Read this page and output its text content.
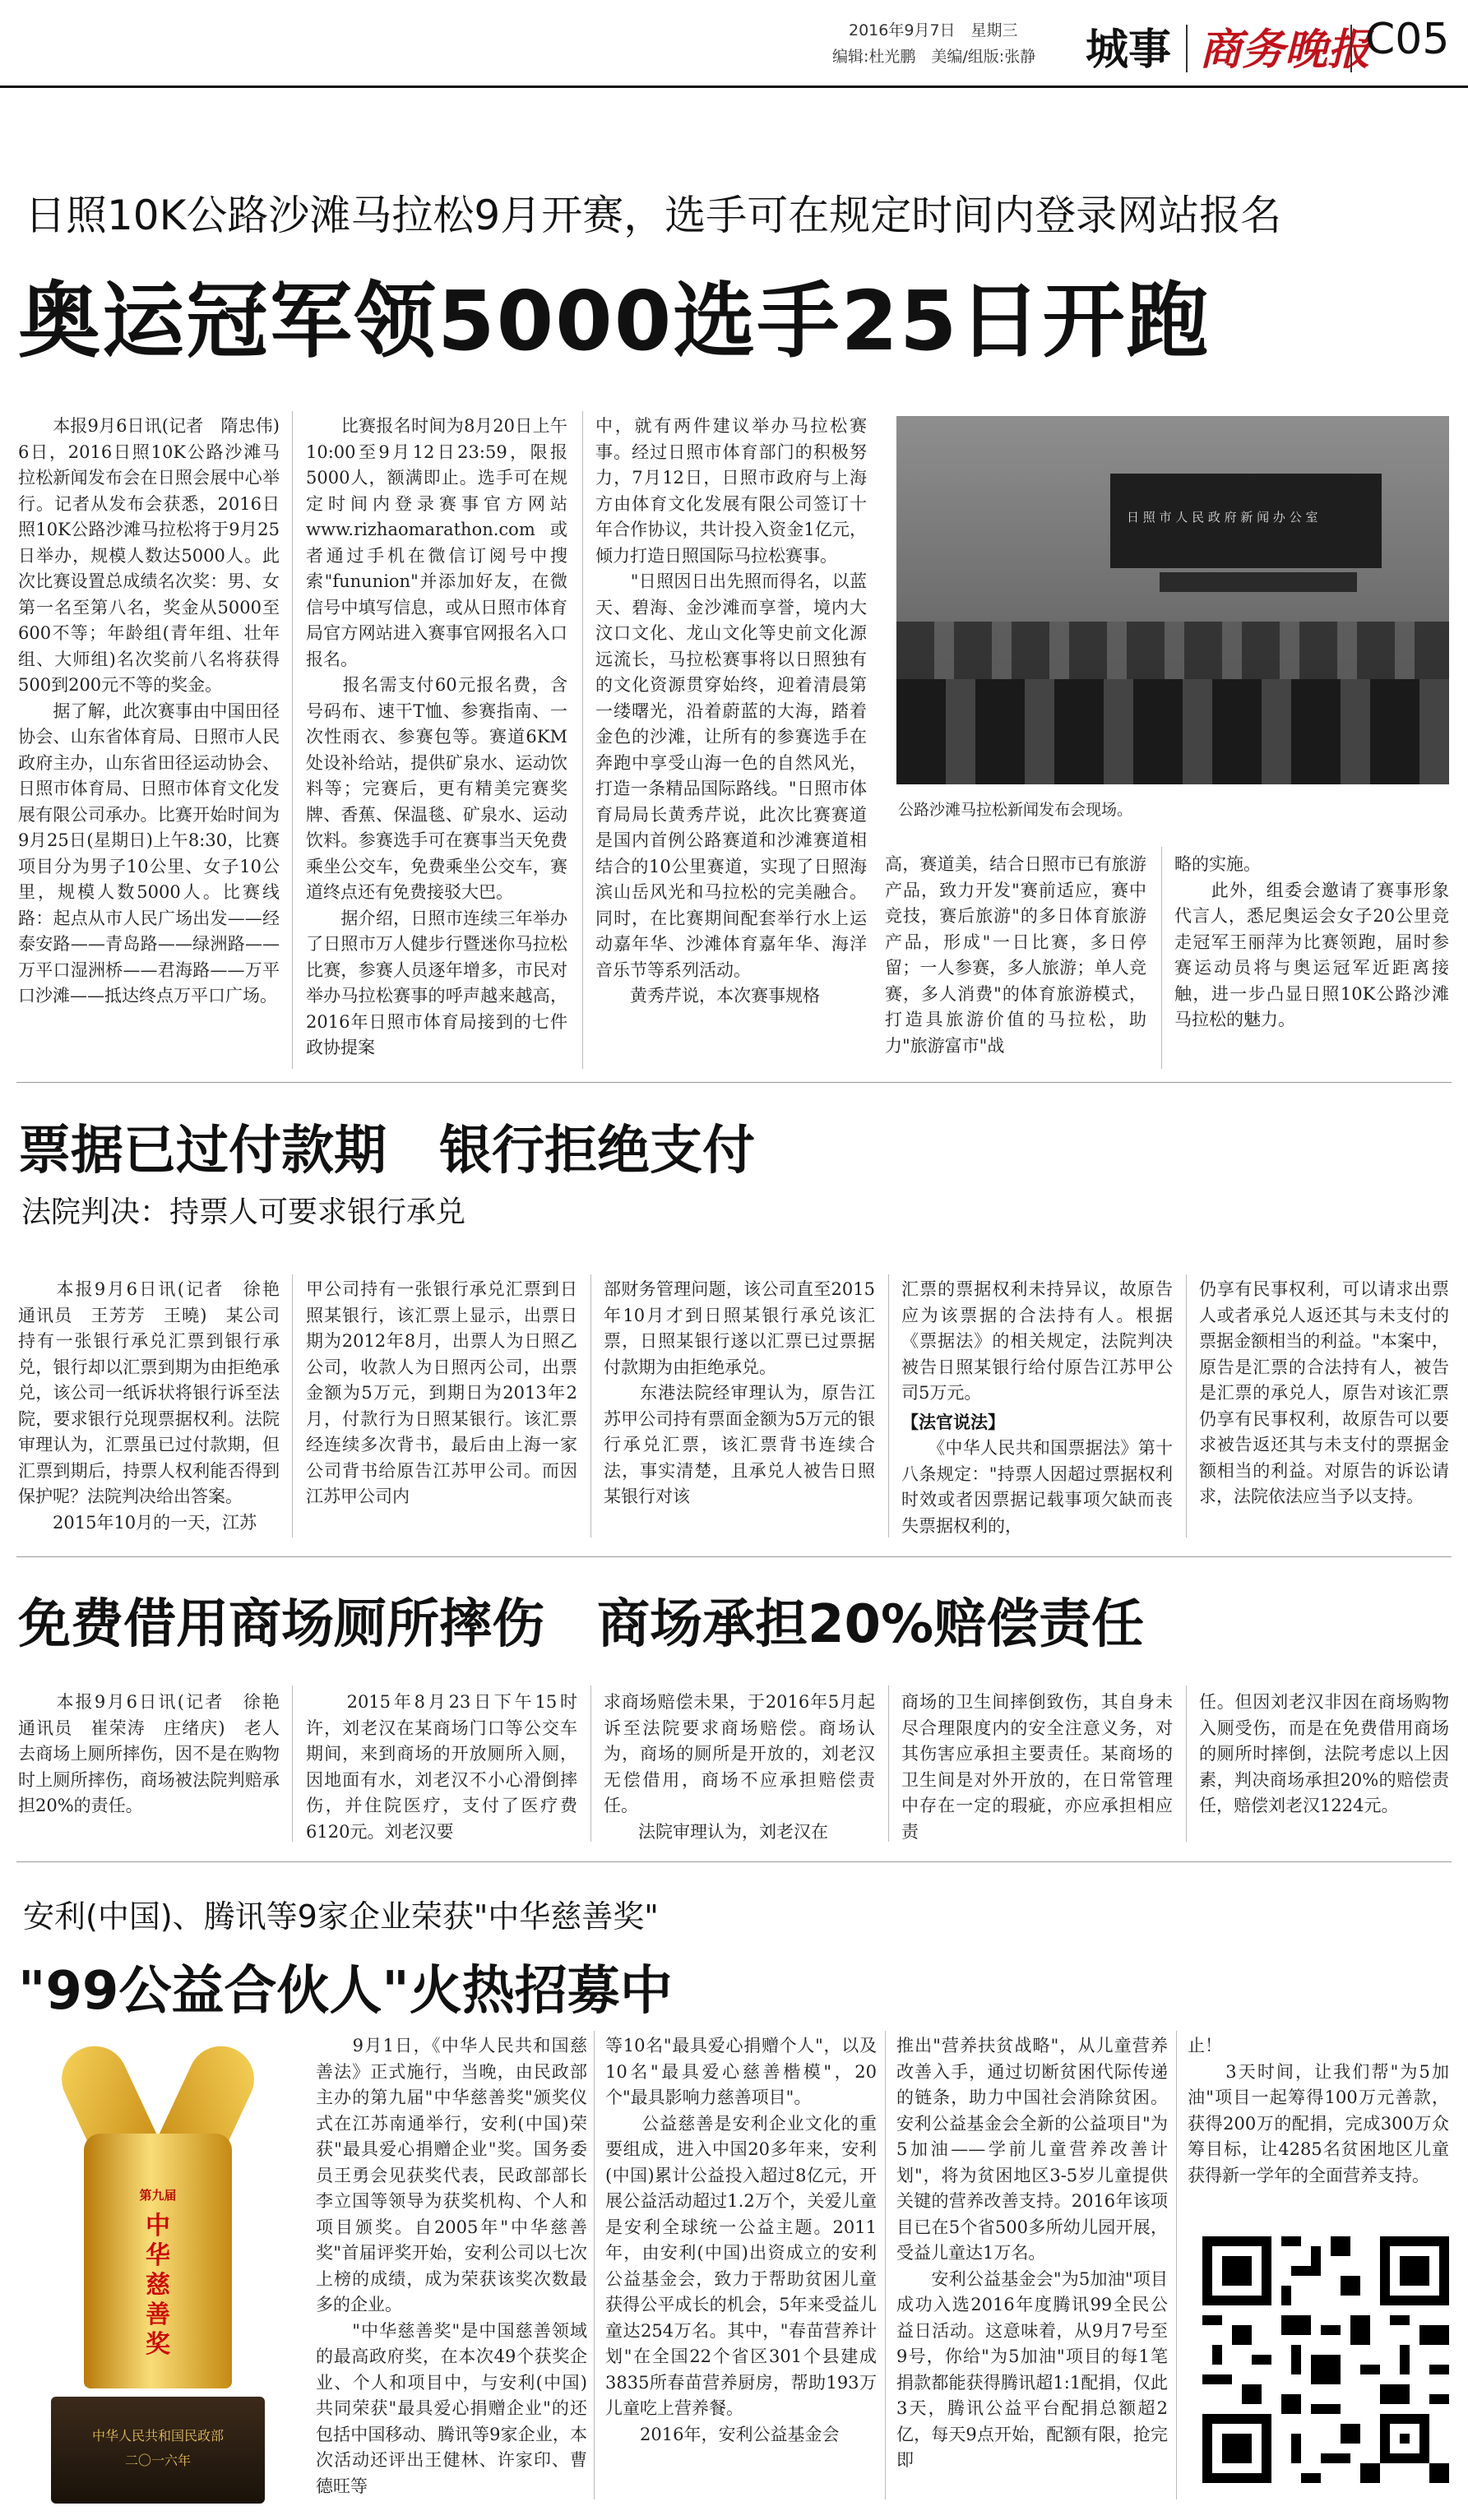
2016年9月7日　星期三
编辑:杜光鹏　美编/组版:张静 城事 商务晚报
C05
日照10K公路沙滩马拉松9月开赛，选手可在规定时间内登录网站报名
奥运冠军领5000选手25日开跑
　　本报9月6日讯(记者　隋忠伟)　6日，2016日照10K公路沙滩马拉松新闻发布会在日照会展中心举行。记者从发布会获悉，2016日照10K公路沙滩马拉松将于9月25日举办，规模人数达5000人。此次比赛设置总成绩名次奖：男、女第一名至第八名，奖金从5000至600不等；年龄组(青年组、壮年组、大师组)名次奖前八名将获得500到200元不等的奖金。
　　据了解，此次赛事由中国田径协会、山东省体育局、日照市人民政府主办，山东省田径运动协会、日照市体育局、日照市体育文化发展有限公司承办。比赛开始时间为9月25日(星期日)上午8:30，比赛项目分为男子10公里、女子10公里，规模人数5000人。比赛线路：起点从市人民广场出发——经泰安路——青岛路——绿洲路——万平口湿洲桥——君海路——万平口沙滩——抵达终点万平口广场。
　　比赛报名时间为8月20日上午10:00至9月12日23:59，限报5000人，额满即止。选手可在规定时间内登录赛事官方网站www.rizhaomarathon.com或者通过手机在微信订阅号中搜索"fununion"并添加好友，在微信号中填写信息，或从日照市体育局官方网站进入赛事官网报名入口报名。
　　报名需支付60元报名费，含号码布、速干T恤、参赛指南、一次性雨衣、参赛包等。赛道6KM处设补给站，提供矿泉水、运动饮料等；完赛后，更有精美完赛奖牌、香蕉、保温毯、矿泉水、运动饮料。参赛选手可在赛事当天免费乘坐公交车，免费乘坐公交车，赛道终点还有免费接驳大巴。
　　据介绍，日照市连续三年举办了日照市万人健步行暨迷你马拉松比赛，参赛人员逐年增多，市民对举办马拉松赛事的呼声越来越高，2016年日照市体育局接到的七件政协提案
中，就有两件建议举办马拉松赛事。经过日照市体育部门的积极努力，7月12日，日照市政府与上海方由体育文化发展有限公司签订十年合作协议，共计投入资金1亿元，倾力打造日照国际马拉松赛事。
　　"日照因日出先照而得名，以蓝天、碧海、金沙滩而享誉，境内大汶口文化、龙山文化等史前文化源远流长，马拉松赛事将以日照独有的文化资源贯穿始终，迎着清晨第一缕曙光，沿着蔚蓝的大海，踏着金色的沙滩，让所有的参赛选手在奔跑中享受山海一色的自然风光，打造一条精品国际路线。"日照市体育局局长黄秀芹说，此次比赛赛道是国内首例公路赛道和沙滩赛道相结合的10公里赛道，实现了日照海滨山岳风光和马拉松的完美融合。同时，在比赛期间配套举行水上运动嘉年华、沙滩体育嘉年华、海洋音乐节等系列活动。
　　黄秀芹说，本次赛事规格
日 照 市 人 民 政 府 新 闻 办 公 室
公路沙滩马拉松新闻发布会现场。
高，赛道美，结合日照市已有旅游产品，致力开发"赛前适应，赛中竞技，赛后旅游"的多日体育旅游产品，形成"一日比赛，多日停留；一人参赛，多人旅游；单人竞赛，多人消费"的体育旅游模式，打造具旅游价值的马拉松，助力"旅游富市"战
略的实施。
　　此外，组委会邀请了赛事形象代言人，悉尼奥运会女子20公里竞走冠军王丽萍为比赛领跑，届时参赛运动员将与奥运冠军近距离接触，进一步凸显日照10K公路沙滩马拉松的魅力。
票据已过付款期　银行拒绝支付
法院判决：持票人可要求银行承兑
　　本报9月6日讯(记者　徐艳　通讯员　王芳芳　王曉)　某公司持有一张银行承兑汇票到银行承兑，银行却以汇票到期为由拒绝承兑，该公司一纸诉状将银行诉至法院，要求银行兑现票据权利。法院审理认为，汇票虽已过付款期，但汇票到期后，持票人权利能否得到保护呢？法院判决给出答案。
　　2015年10月的一天，江苏
甲公司持有一张银行承兑汇票到日照某银行，该汇票上显示，出票日期为2012年8月，出票人为日照乙公司，收款人为日照丙公司，出票金额为5万元，到期日为2013年2月，付款行为日照某银行。该汇票经连续多次背书，最后由上海一家公司背书给原告江苏甲公司。而因江苏甲公司内
部财务管理问题，该公司直至2015年10月才到日照某银行承兑该汇票，日照某银行遂以汇票已过票据付款期为由拒绝承兑。
　　东港法院经审理认为，原告江苏甲公司持有票面金额为5万元的银行承兑汇票，该汇票背书连续合法，事实清楚，且承兑人被告日照某银行对该
汇票的票据权利未持异议，故原告应为该票据的合法持有人。根据《票据法》的相关规定，法院判决被告日照某银行给付原告江苏甲公司5万元。
【法官说法】
　　《中华人民共和国票据法》第十八条规定："持票人因超过票据权利时效或者因票据记载事项欠缺而丧失票据权利的，
仍享有民事权利，可以请求出票人或者承兑人返还其与未支付的票据金额相当的利益。"本案中，原告是汇票的合法持有人，被告是汇票的承兑人，原告对该汇票仍享有民事权利，故原告可以要求被告返还其与未支付的票据金额相当的利益。对原告的诉讼请求，法院依法应当予以支持。
免费借用商场厕所摔伤　商场承担20%赔偿责任
　　本报9月6日讯(记者　徐艳　通讯员　崔荣涛　庄绪庆)　老人去商场上厕所摔伤，因不是在购物时上厕所摔伤，商场被法院判赔承担20%的责任。
　　2015年8月23日下午15时许，刘老汉在某商场门口等公交车期间，来到商场的开放厕所入厕，因地面有水，刘老汉不小心滑倒摔伤，并住院医疗，支付了医疗费6120元。刘老汉要
求商场赔偿未果，于2016年5月起诉至法院要求商场赔偿。商场认为，商场的厕所是开放的，刘老汉无偿借用，商场不应承担赔偿责任。
　　法院审理认为，刘老汉在
商场的卫生间摔倒致伤，其自身未尽合理限度内的安全注意义务，对其伤害应承担主要责任。某商场的卫生间是对外开放的，在日常管理中存在一定的瑕疵，亦应承担相应责
任。但因刘老汉非因在商场购物入厕受伤，而是在免费借用商场的厕所时摔倒，法院考虑以上因素，判决商场承担20%的赔偿责任，赔偿刘老汉1224元。
安利(中国)、腾讯等9家企业荣获"中华慈善奖"
"99公益合伙人"火热招募中
第九届
中
华
慈
善
奖
中华人民共和国民政部
二〇一六年
　　9月1日，《中华人民共和国慈善法》正式施行，当晚，由民政部主办的第九届"中华慈善奖"颁奖仪式在江苏南通举行，安利(中国)荣获"最具爱心捐赠企业"奖。国务委员王勇会见获奖代表，民政部部长李立国等领导为获奖机构、个人和项目颁奖。自2005年"中华慈善奖"首届评奖开始，安利公司以七次上榜的成绩，成为荣获该奖次数最多的企业。
　　"中华慈善奖"是中国慈善领域的最高政府奖，在本次49个获奖企业、个人和项目中，与安利(中国)共同荣获"最具爱心捐赠企业"的还包括中国移动、腾讯等9家企业，本次活动还评出王健林、许家印、曹德旺等
等10名"最具爱心捐赠个人"，以及10名"最具爱心慈善楷模"，20个"最具影响力慈善项目"。
　　公益慈善是安利企业文化的重要组成，进入中国20多年来，安利(中国)累计公益投入超过8亿元，开展公益活动超过1.2万个，关爱儿童是安利全球统一公益主题。2011年，由安利(中国)出资成立的安利公益基金会，致力于帮助贫困儿童获得公平成长的机会，5年来受益儿童达254万名。其中，"春苗营养计划"在全国22个省区301个县建成3835所春苗营养厨房，帮助193万儿童吃上营养餐。
　　2016年，安利公益基金会
推出"营养扶贫战略"，从儿童营养改善入手，通过切断贫困代际传递的链条，助力中国社会消除贫困。安利公益基金会全新的公益项目"为5加油——学前儿童营养改善计划"，将为贫困地区3-5岁儿童提供关键的营养改善支持。2016年该项目已在5个省500多所幼儿园开展，受益儿童达1万名。
　　安利公益基金会"为5加油"项目成功入选2016年度腾讯99全民公益日活动。这意味着，从9月7号至9号，你给"为5加油"项目的每1笔捐款都能获得腾讯超1:1配捐，仅此3天，腾讯公益平台配捐总额超2亿，每天9点开始，配额有限，抢完即
止！
　　3天时间，让我们帮"为5加油"项目一起筹得100万元善款，获得200万的配捐，完成300万众筹目标，让4285名贫困地区儿童获得新一学年的全面营养支持。
